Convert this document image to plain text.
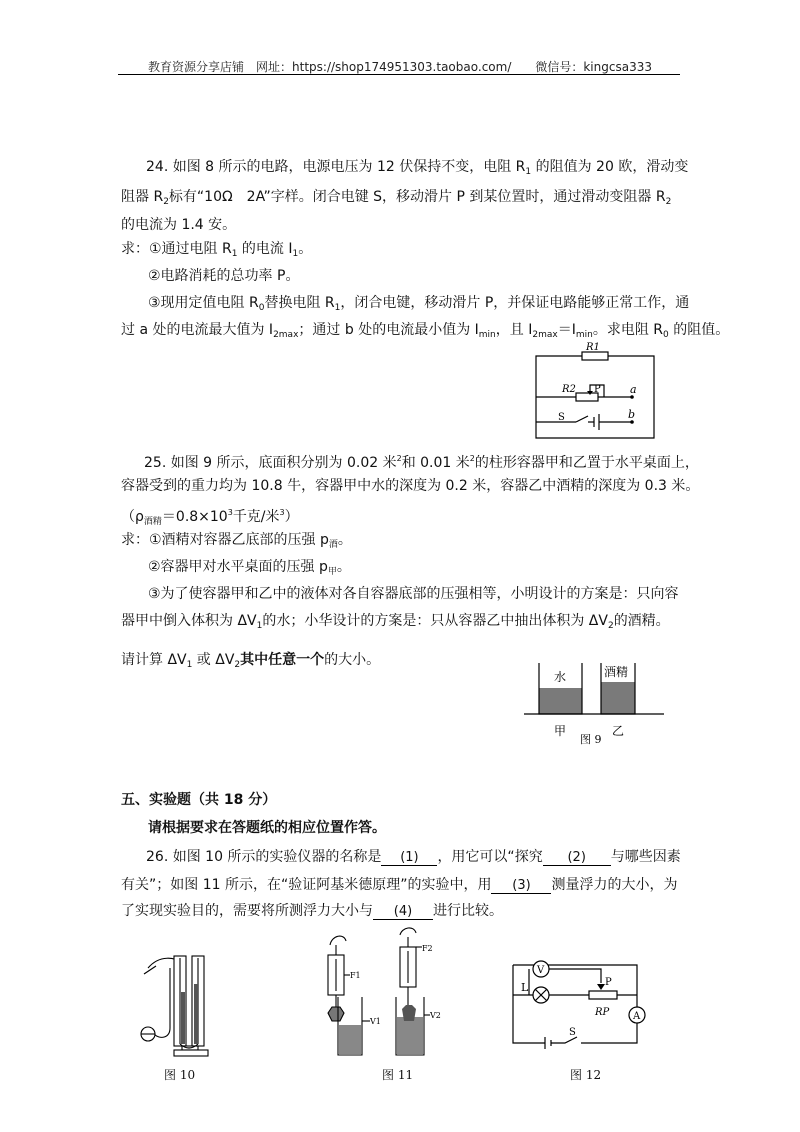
教育资源分享店铺　网址：https://shop174951303.taobao.com/　　微信号：kingcsa333
24. 如图 8 所示的电路，电源电压为 12 伏保持不变，电阻 $R_1$ 的阻值为 20 欧，滑动变
阻器 $R_2$标有“10Ω　2A”字样。闭合电键 S，移动滑片 P 到某位置时，通过滑动变阻器 $R_2$
的电流为 1.4 安。
求：①通过电阻 $R_1$ 的电流 $I_1$。
②电路消耗的总功率 P。
③现用定值电阻 $R_0$替换电阻 $R_1$，闭合电键，移动滑片 P，并保证电路能够正常工作，通
过 a 处的电流最大值为 $I_{2max}$；通过 b 处的电流最小值为 $I_{min}$，且 $I_{2max}=I_{min}$。求电阻 $R_0$ 的阻值。
R1
R2 P	a
S	b
25. 如图 9 所示，底面积分别为 0.02 米$^2$和 0.01 米$^2$的柱形容器甲和乙置于水平桌面上，
容器受到的重力均为 10.8 牛，容器甲中水的深度为 0.2 米，容器乙中酒精的深度为 0.3 米。
（$\rho_{酒精}=0.8\times 10^3$千克/米$^3$）
求：①酒精对容器乙底部的压强 $p_酒$。
②容器甲对水平桌面的压强 $p_甲$。
③为了使容器甲和乙中的液体对各自容器底部的压强相等，小明设计的方案是：只向容
器甲中倒入体积为 $\Delta V_1$的水；小华设计的方案是：只从容器乙中抽出体积为 $\Delta V_2$的酒精。
请计算 $\Delta V_1$ 或 $\Delta V_2$其中任意一个的大小。
水	酒精
甲	乙
图 9
五、实验题（共 18 分）
请根据要求在答题纸的相应位置作答。
26. 如图 10 所示的实验仪器的名称是 (1) ，用它可以“探究 (2) 与哪些因素
有关”；如图 11 所示，在“验证阿基米德原理”的实验中，用 (3) 测量浮力的大小，为
了实现实验目的，需要将所测浮力大小与 (4) 进行比较。
图 10
F1
F2
V1
V2
图 11
V
L	P
RP A
S
图 12
